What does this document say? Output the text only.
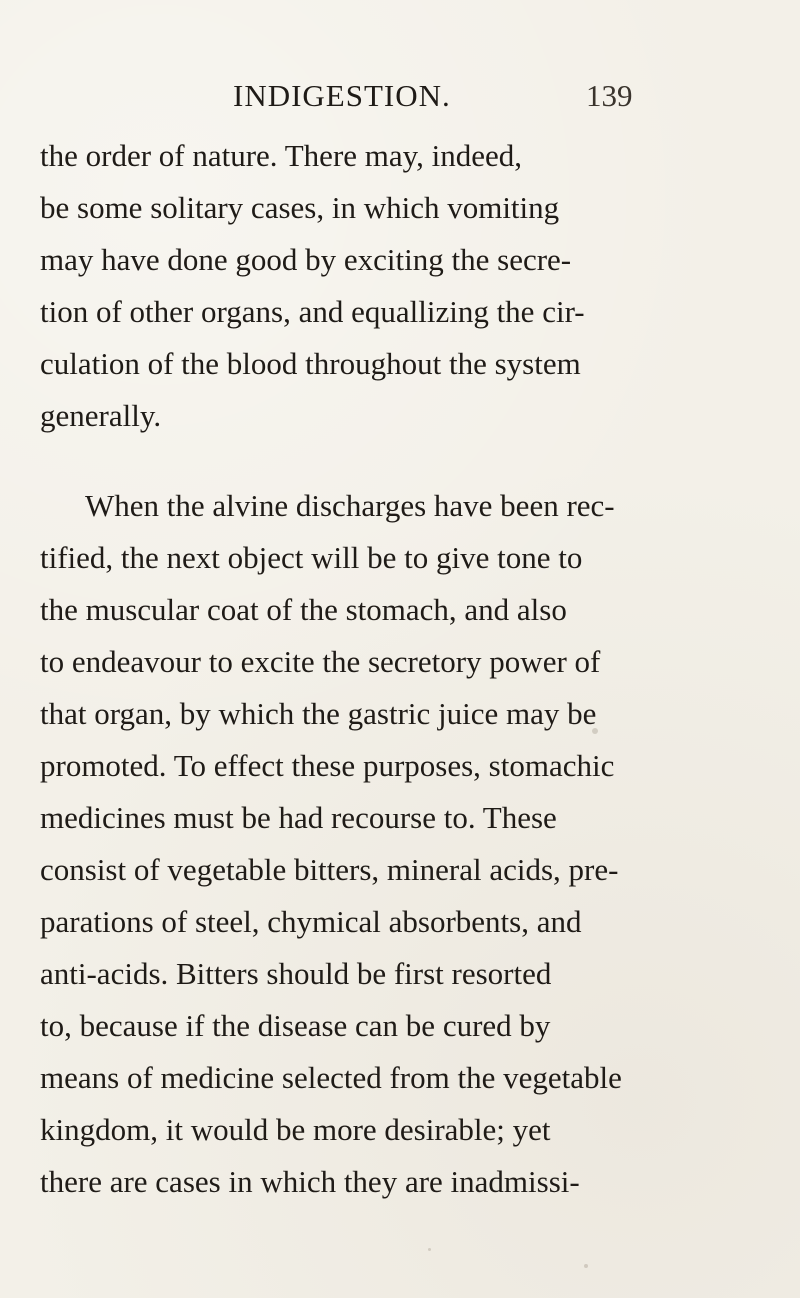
INDIGESTION.	139
the order of nature. There may, indeed,
be some solitary cases, in which vomiting
may have done good by exciting the secre-
tion of other organs, and equallizing the cir-
culation of the blood throughout the system
generally.
When the alvine discharges have been rec-
tified, the next object will be to give tone to
the muscular coat of the stomach, and also
to endeavour to excite the secretory power of
that organ, by which the gastric juice may be
promoted. To effect these purposes, stomachic
medicines must be had recourse to. These
consist of vegetable bitters, mineral acids, pre-
parations of steel, chymical absorbents, and
anti-acids. Bitters should be first resorted
to, because if the disease can be cured by
means of medicine selected from the vegetable
kingdom, it would be more desirable; yet
there are cases in which they are inadmissi-
